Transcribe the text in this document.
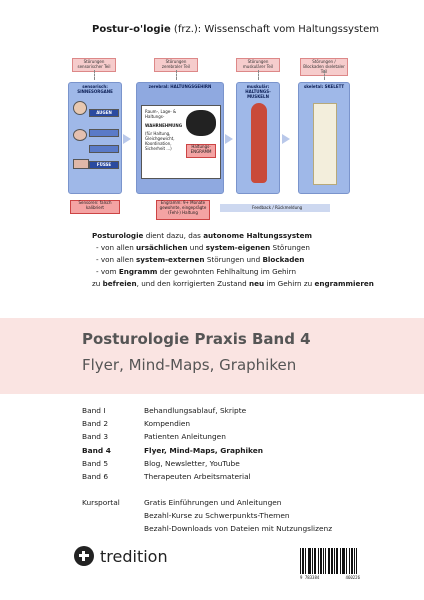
Postur-o'logie (frz.): Wissenschaft vom Haltungssystem
Störungen sensorischer Teil
Störungen zerebraler Teil
Störungen muskulärer Teil
Störungen / Blockaden skeletaler Teil
sensorisch: SINNESORGANE
AUGEN
FÜSSE
zerebral: HALTUNGSGEHIRN
Raum-, Lage- & Haltungs-
WAHRNEHMUNG
(für Haltung, Gleichgewicht, Koordination, Sicherheit ...)	Haltungs-ENGRAMM
muskulär: HALTUNGS-MUSKELN
skeletal: SKELETT
Sensoren: falsch kalibriert
Engramm: 9+ Monate gewohnte, eingeprägte (Fehl-) Haltung
Feedback / Rückmeldung
Posturologie dient dazu, das autonome Haltungssystem
- von allen ursächlichen und system-eigenen Störungen
- von allen system-externen Störungen und Blockaden
- vom Engramm der gewohnten Fehlhaltung im Gehirn
zu befreien, und den korrigierten Zustand neu im Gehirn zu engrammieren
Posturologie Praxis Band 4
Flyer, Mind-Maps, Graphiken
Band I	Behandlungsablauf, Skripte
Band 2	Kompendien
Band 3	Patienten Anleitungen
Band 4	Flyer, Mind-Maps, Graphiken
Band 5	Blog, Newsletter, YouTube
Band 6	Therapeuten Arbeitsmaterial
Kursportal	Gratis Einführungen und Anleitungen
Bezahl-Kurse zu Schwerpunkts-Themen
Bezahl-Downloads von Dateien mit Nutzungslizenz
tredition
9 783384	460226
